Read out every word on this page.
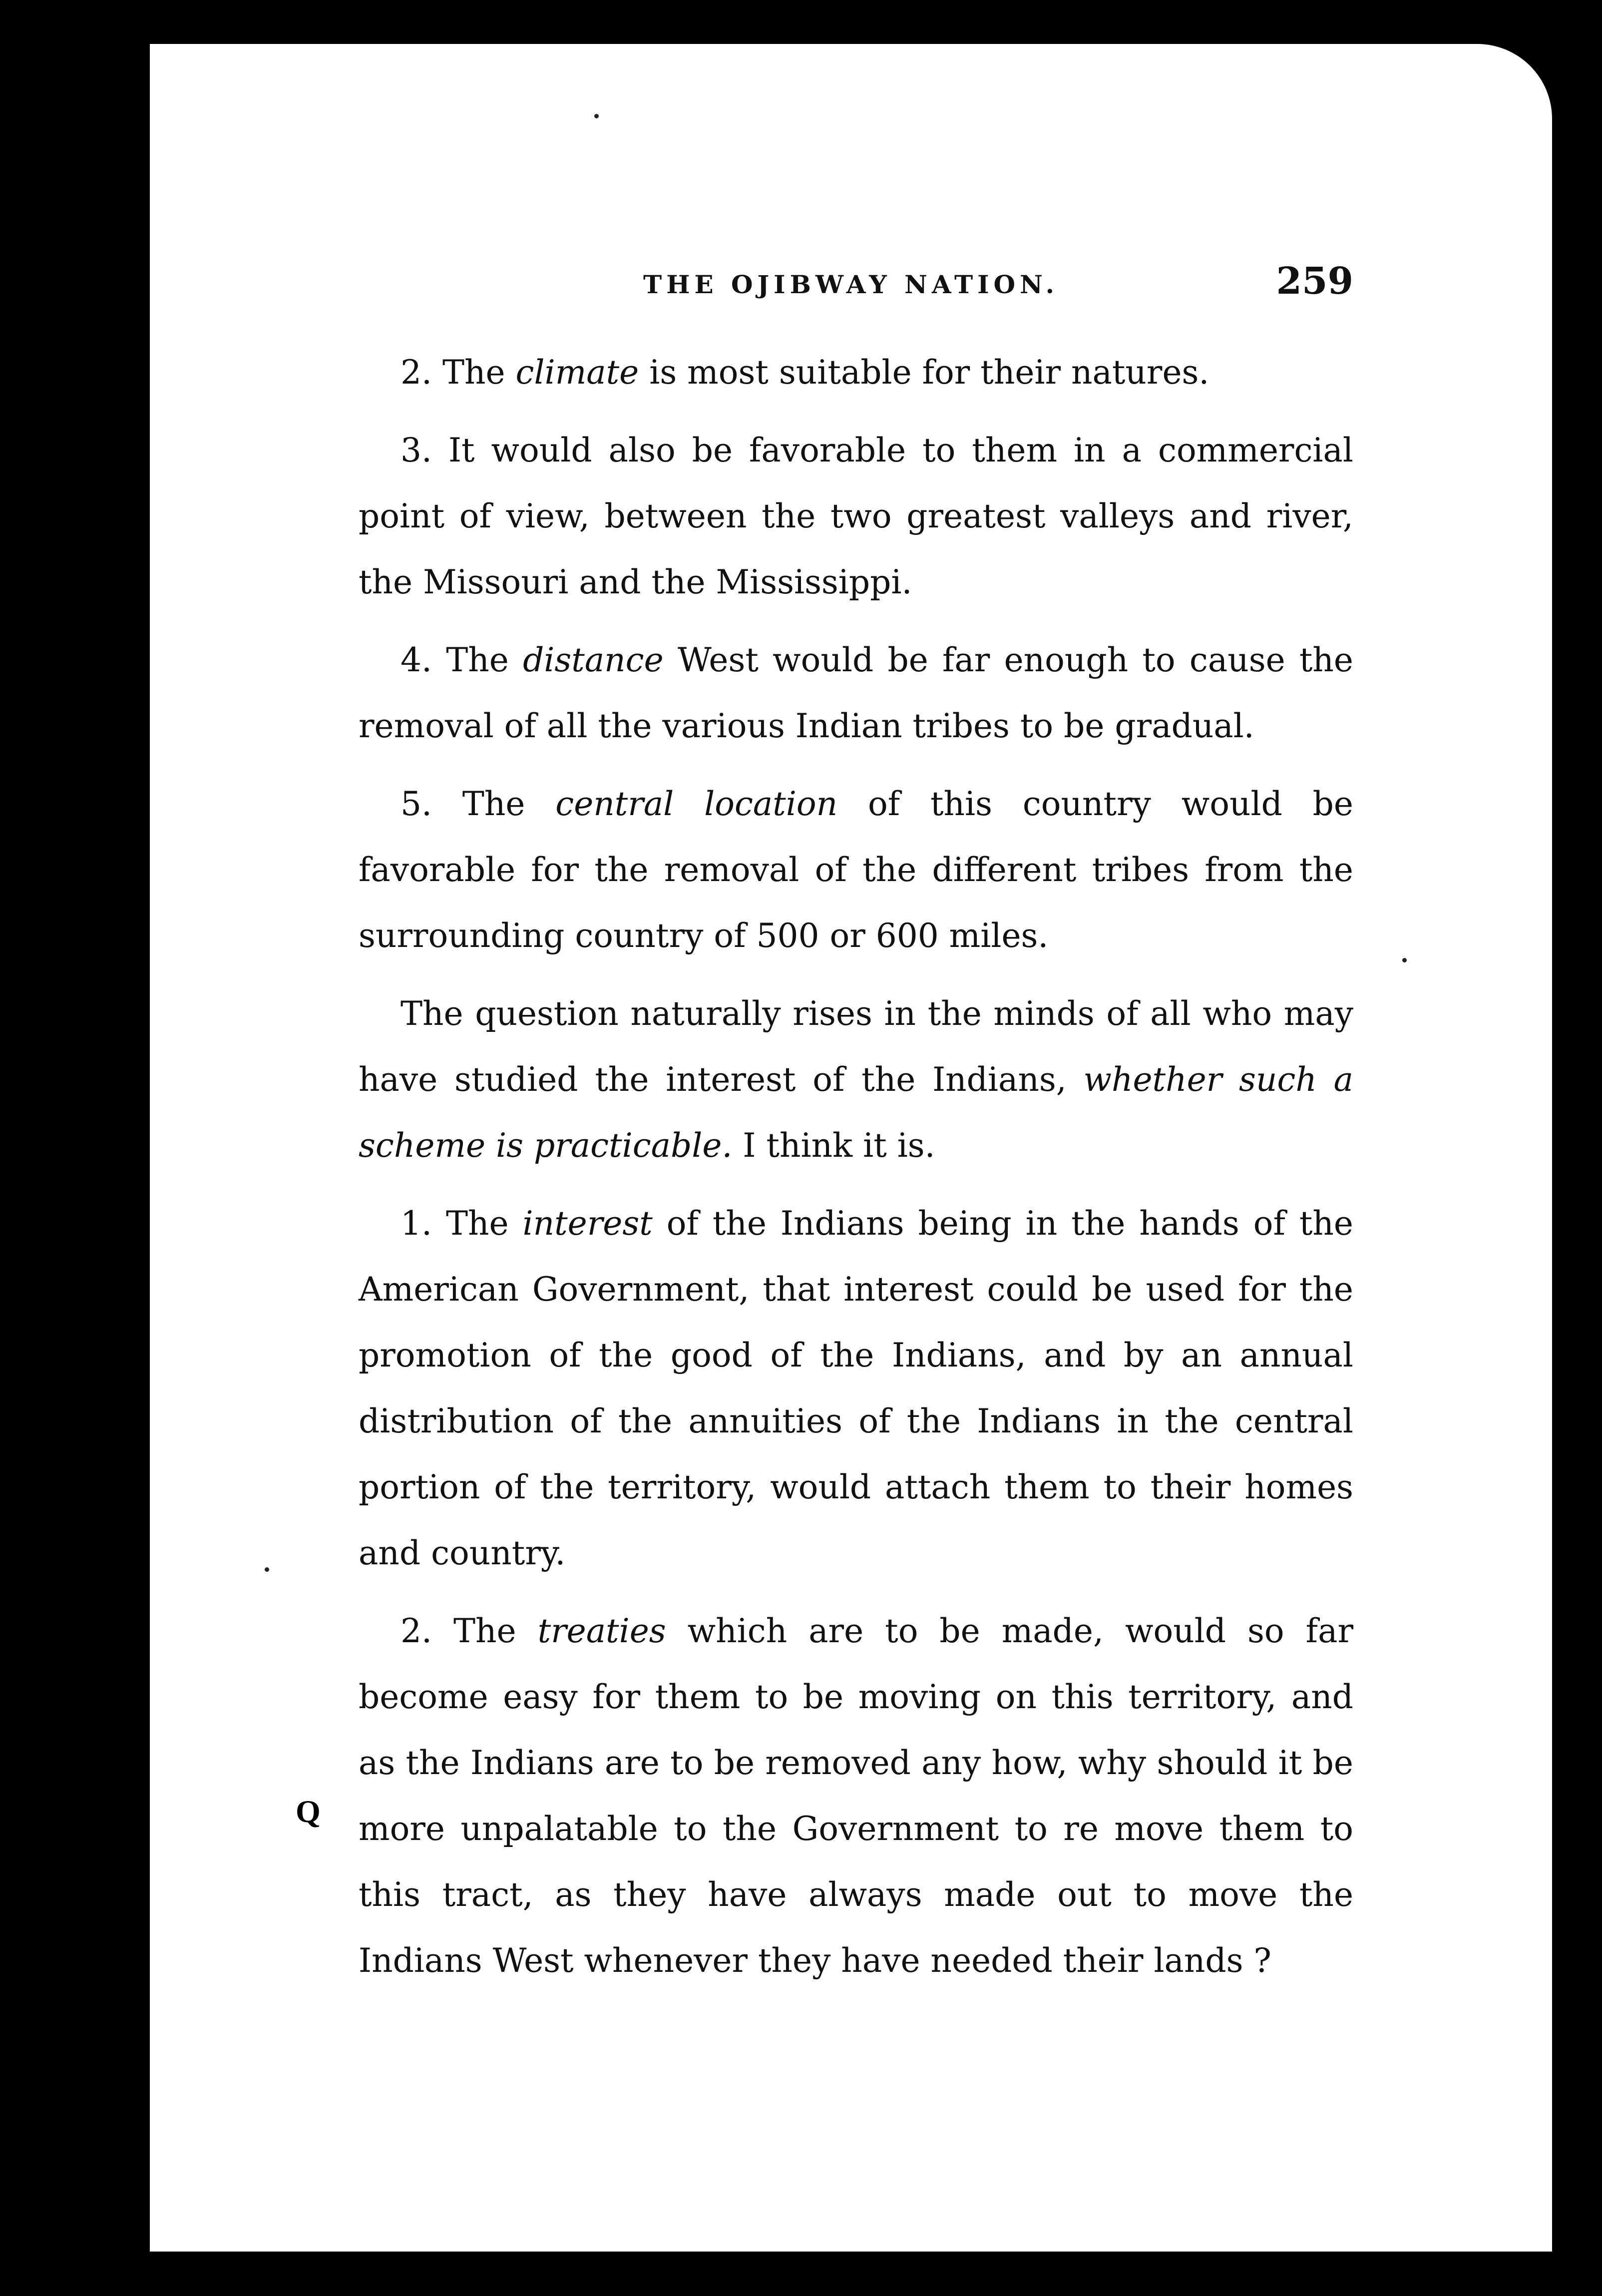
THE OJIBWAY NATION.	259

2. The climate is most suitable for their natures.

3. It would also be favorable to them in a commercial point of view, between the two greatest valleys and river, the Missouri and the Mississippi.

4. The distance West would be far enough to cause the removal of all the various Indian tribes to be gradual.

5. The central location of this country would be favorable for the removal of the different tribes from the surrounding country of 500 or 600 miles.

The question naturally rises in the minds of all who may have studied the interest of the Indians, whether such a scheme is practicable. I think it is.

1. The interest of the Indians being in the hands of the American Government, that interest could be used for the promotion of the good of the Indians, and by an annual distribution of the annuities of the Indians in the central portion of the territory, would attach them to their homes and country.

2. The treaties which are to be made, would so far become easy for them to be moving on this territory, and as the Indians are to be removed any how, why should it be more unpalatable to the Government to re move them to this tract, as they have always made out to move the Indians West whenever they have needed their lands ?

Q
